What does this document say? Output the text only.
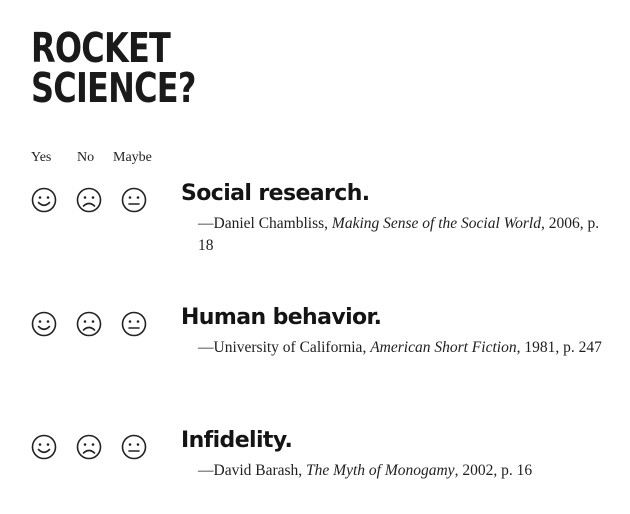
ROCKET
SCIENCE?
Yes No Maybe
Social research.

—Daniel Chambliss, Making Sense of the Social World, 2006, p. 18

Human behavior.

—University of California, American Short Fiction, 1981, p. 247

Infidelity.

—David Barash, The Myth of Monogamy, 2002, p. 16
